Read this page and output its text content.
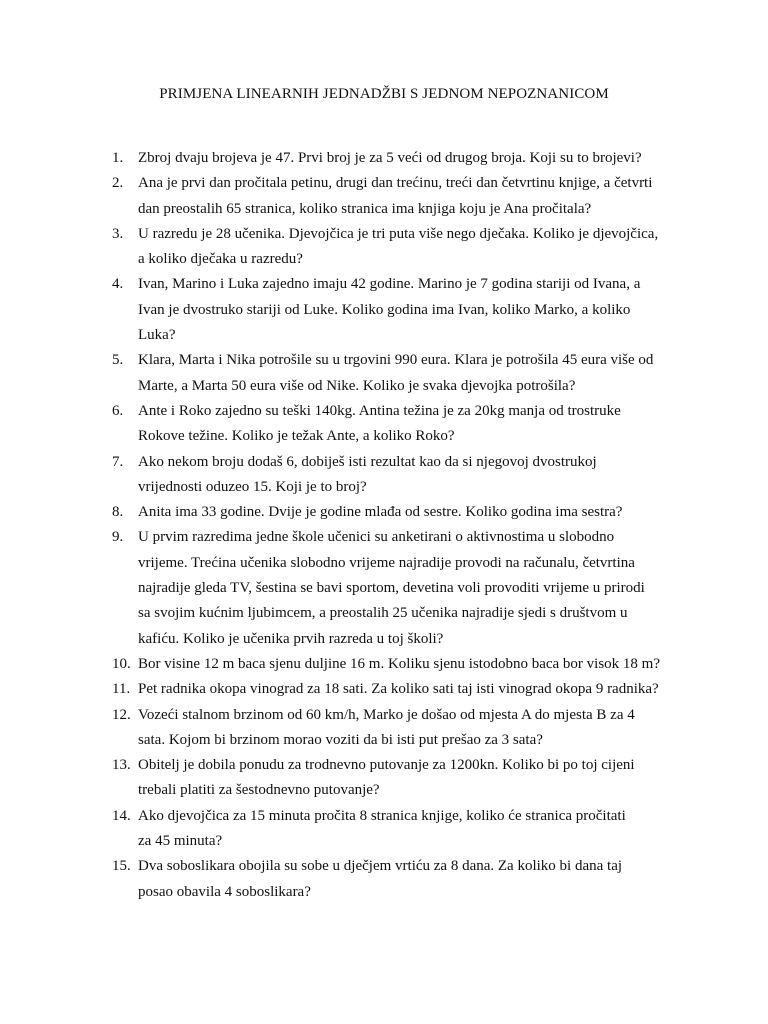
PRIMJENA LINEARNIH JEDNADŽBI S JEDNOM NEPOZNANICOM
1. Zbroj dvaju brojeva je 47. Prvi broj je za 5 veći od drugog broja. Koji su to brojevi?
2. Ana je prvi dan pročitala petinu, drugi dan trećinu, treći dan četvrtinu knjige, a četvrti
dan preostalih 65 stranica, koliko stranica ima knjiga koju je Ana pročitala?
3. U razredu je 28 učenika. Djevojčica je tri puta više nego dječaka. Koliko je djevojčica,
a koliko dječaka u razredu?
4. Ivan, Marino i Luka zajedno imaju 42 godine. Marino je 7 godina stariji od Ivana, a
Ivan je dvostruko stariji od Luke. Koliko godina ima Ivan, koliko Marko, a koliko
Luka?
5. Klara, Marta i Nika potrošile su u trgovini 990 eura. Klara je potrošila 45 eura više od
Marte, a Marta 50 eura više od Nike. Koliko je svaka djevojka potrošila?
6. Ante i Roko zajedno su teški 140kg. Antina težina je za 20kg manja od trostruke
Rokove težine. Koliko je težak Ante, a koliko Roko?
7. Ako nekom broju dodaš 6, dobiješ isti rezultat kao da si njegovoj dvostrukoj
vrijednosti oduzeo 15. Koji je to broj?
8. Anita ima 33 godine. Dvije je godine mlađa od sestre. Koliko godina ima sestra?
9. U prvim razredima jedne škole učenici su anketirani o aktivnostima u slobodno
vrijeme. Trećina učenika slobodno vrijeme najradije provodi na računalu, četvrtina
najradije gleda TV, šestina se bavi sportom, devetina voli provoditi vrijeme u prirodi
sa svojim kućnim ljubimcem, a preostalih 25 učenika najradije sjedi s društvom u
kafiću. Koliko je učenika prvih razreda u toj školi?
10. Bor visine 12 m baca sjenu duljine 16 m. Koliku sjenu istodobno baca bor visok 18 m?
11. Pet radnika okopa vinograd za 18 sati. Za koliko sati taj isti vinograd okopa 9 radnika?
12. Vozeći stalnom brzinom od 60 km/h, Marko je došao od mjesta A do mjesta B za 4
sata. Kojom bi brzinom morao voziti da bi isti put prešao za 3 sata?
13. Obitelj je dobila ponudu za trodnevno putovanje za 1200kn. Koliko bi po toj cijeni
trebali platiti za šestodnevno putovanje?
14. Ako djevojčica za 15 minuta pročita 8 stranica knjige, koliko će stranica pročitati
za 45 minuta?
15. Dva soboslikara obojila su sobe u dječjem vrtiću za 8 dana. Za koliko bi dana taj
posao obavila 4 soboslikara?
